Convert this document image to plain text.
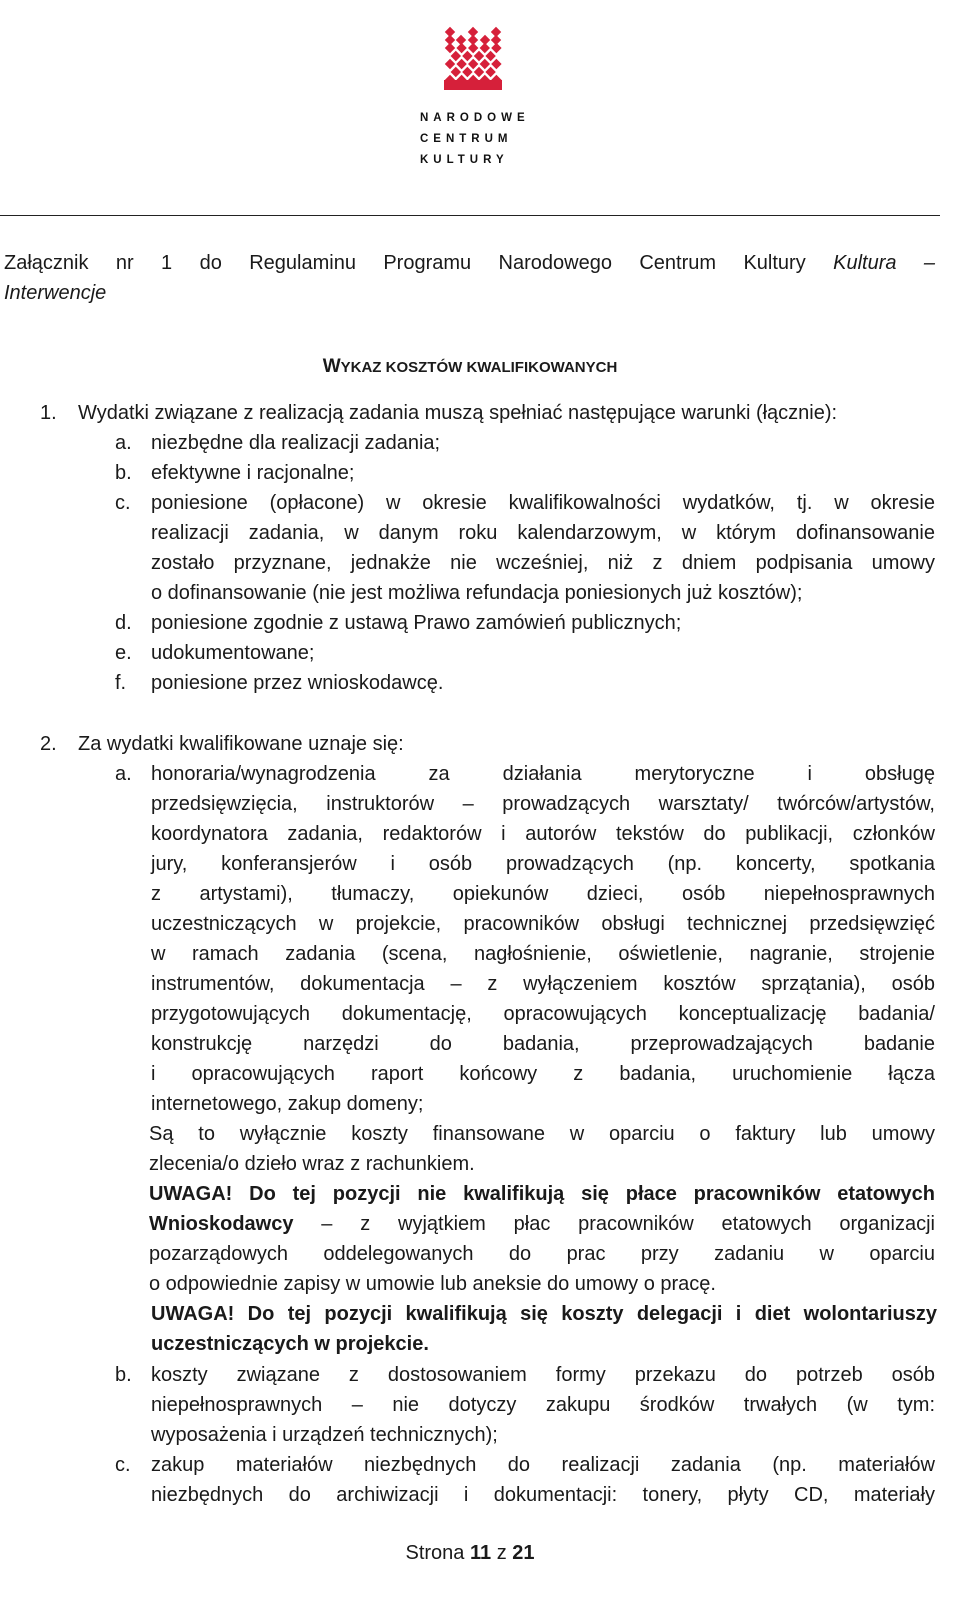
NARODOWE
CENTRUM
KULTURY
Załącznik nr 1 do Regulaminu Programu Narodowego Centrum Kultury Kultura –
Interwencje
WYKAZ KOSZTÓW KWALIFIKOWANYCH
1. Wydatki związane z realizacją zadania muszą spełniać następujące warunki (łącznie):
a. niezbędne dla realizacji zadania;
b. efektywne i racjonalne;
c. poniesione (opłacone) w okresie kwalifikowalności wydatków, tj. w okresie
realizacji zadania, w danym roku kalendarzowym, w którym dofinansowanie
zostało przyznane, jednakże nie wcześniej, niż z dniem podpisania umowy
o dofinansowanie (nie jest możliwa refundacja poniesionych już kosztów);
d. poniesione zgodnie z ustawą Prawo zamówień publicznych;
e. udokumentowane;
f. poniesione przez wnioskodawcę.
2. Za wydatki kwalifikowane uznaje się:
a. honoraria/wynagrodzenia za działania merytoryczne i obsługę
przedsięwzięcia, instruktorów – prowadzących warsztaty/ twórców/artystów,
koordynatora zadania, redaktorów i autorów tekstów do publikacji, członków
jury, konferansjerów i osób prowadzących (np. koncerty, spotkania
z artystami), tłumaczy, opiekunów dzieci, osób niepełnosprawnych
uczestniczących w projekcie, pracowników obsługi technicznej przedsięwzięć
w ramach zadania (scena, nagłośnienie, oświetlenie, nagranie, strojenie
instrumentów, dokumentacja – z wyłączeniem kosztów sprzątania), osób
przygotowujących dokumentację, opracowujących konceptualizację badania/
konstrukcję narzędzi do badania, przeprowadzających badanie
i opracowujących raport końcowy z badania, uruchomienie łącza
internetowego, zakup domeny;
Są to wyłącznie koszty finansowane w oparciu o faktury lub umowy
zlecenia/o dzieło wraz z rachunkiem.
UWAGA! Do tej pozycji nie kwalifikują się płace pracowników etatowych
Wnioskodawcy – z wyjątkiem płac pracowników etatowych organizacji
pozarządowych oddelegowanych do prac przy zadaniu w oparciu
o odpowiednie zapisy w umowie lub aneksie do umowy o pracę.
UWAGA! Do tej pozycji kwalifikują się koszty delegacji i diet wolontariuszy
uczestniczących w projekcie.
b. koszty związane z dostosowaniem formy przekazu do potrzeb osób
niepełnosprawnych – nie dotyczy zakupu środków trwałych (w tym:
wyposażenia i urządzeń technicznych);
c. zakup materiałów niezbędnych do realizacji zadania (np. materiałów
niezbędnych do archiwizacji i dokumentacji: tonery, płyty CD, materiały
Strona 11 z 21
